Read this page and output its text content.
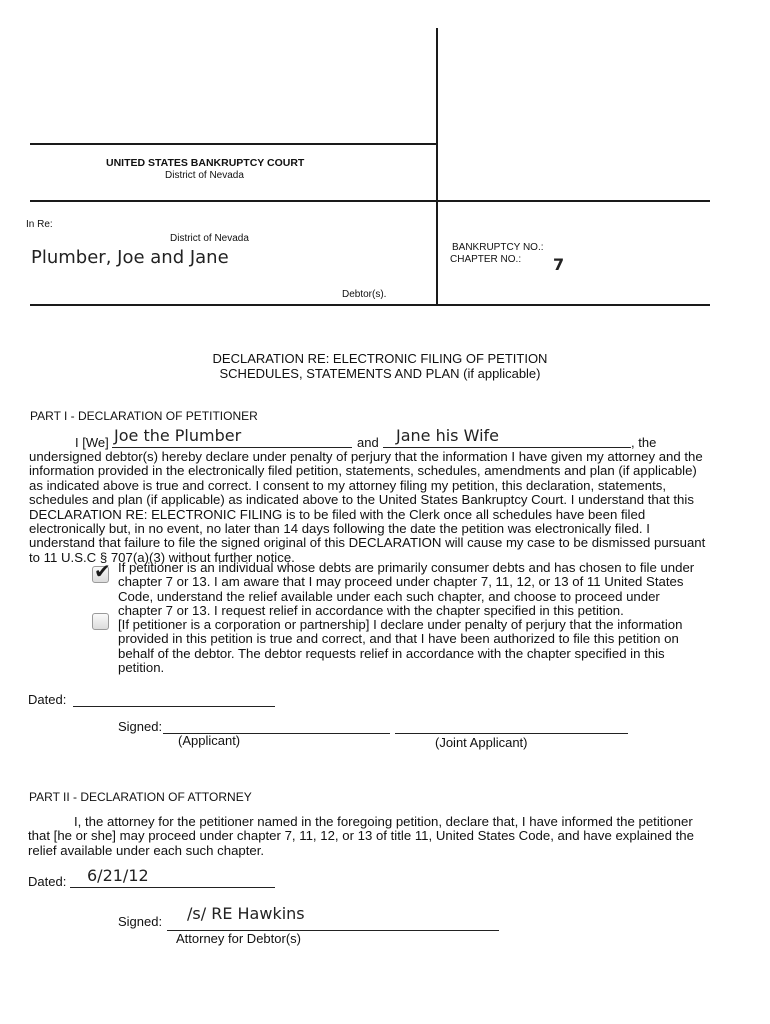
UNITED STATES BANKRUPTCY COURT
District of Nevada
In Re:
District of Nevada
Plumber, Joe and Jane
Debtor(s).
BANKRUPTCY NO.:
CHAPTER NO.: 7
DECLARATION RE: ELECTRONIC FILING OF PETITION
SCHEDULES, STATEMENTS AND PLAN (if applicable)
PART I - DECLARATION OF PETITIONER
I [We] Joe the Plumber	and Jane his Wife	, the
undersigned debtor(s) hereby declare under penalty of perjury that the information I have given my attorney and the
information provided in the electronically filed petition, statements, schedules, amendments and plan (if applicable)
as indicated above is true and correct. I consent to my attorney filing my petition, this declaration, statements,
schedules and plan (if applicable) as indicated above to the United States Bankruptcy Court. I understand that this
DECLARATION RE: ELECTRONIC FILING is to be filed with the Clerk once all schedules have been filed
electronically but, in no event, no later than 14 days following the date the petition was electronically filed. I
understand that failure to file the signed original of this DECLARATION will cause my case to be dismissed pursuant
to 11 U.S.C § 707(a)(3) without further notice.
✔ If petitioner is an individual whose debts are primarily consumer debts and has chosen to file under
chapter 7 or 13. I am aware that I may proceed under chapter 7, 11, 12, or 13 of 11 United States
Code, understand the relief available under each such chapter, and choose to proceed under
chapter 7 or 13. I request relief in accordance with the chapter specified in this petition.
[If petitioner is a corporation or partnership] I declare under penalty of perjury that the information
provided in this petition is true and correct, and that I have been authorized to file this petition on
behalf of the debtor. The debtor requests relief in accordance with the chapter specified in this
petition.
Dated:
Signed:
(Applicant)	(Joint Applicant)
PART II - DECLARATION OF ATTORNEY
I, the attorney for the petitioner named in the foregoing petition, declare that, I have informed the petitioner
that [he or she] may proceed under chapter 7, 11, 12, or 13 of title 11, United States Code, and have explained the
relief available under each such chapter.
Dated: 6/21/12
Signed: /s/ RE Hawkins
Attorney for Debtor(s)
